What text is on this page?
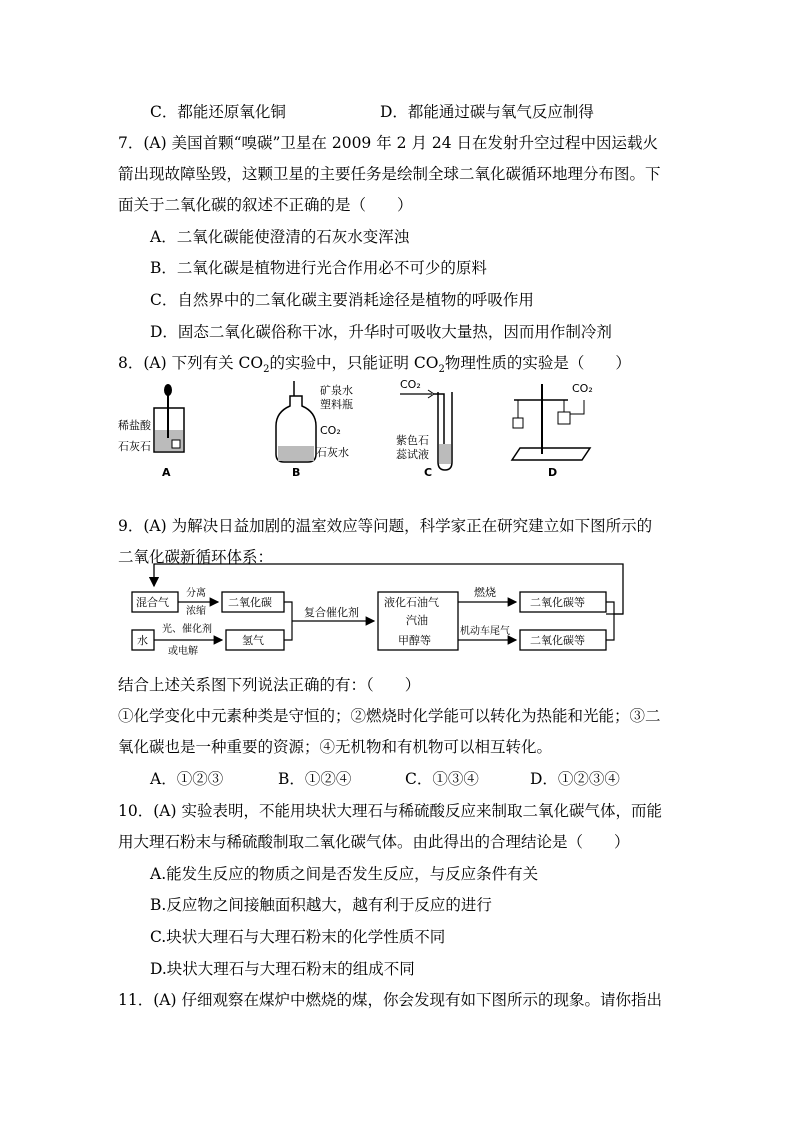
C．都能还原氧化铜	D．都能通过碳与氧气反应制得
7．(A) 美国首颗“嗅碳”卫星在 2009 年 2 月 24 日在发射升空过程中因运载火
箭出现故障坠毁，这颗卫星的主要任务是绘制全球二氧化碳循环地理分布图。下
面关于二氧化碳的叙述不正确的是（　　）
A．二氧化碳能使澄清的石灰水变浑浊
B．二氧化碳是植物进行光合作用必不可少的原料
C．自然界中的二氧化碳主要消耗途径是植物的呼吸作用
D．固态二氧化碳俗称干冰，升华时可吸收大量热，因而用作制冷剂
8．(A) 下列有关 $CO_2$的实验中，只能证明 $CO_2$物理性质的实验是（　　）
稀盐酸
石灰石
A
矿泉水
塑料瓶
CO₂
石灰水
B
CO₂
紫色石
蕊试液
C
CO₂
D
9．(A) 为解决日益加剧的温室效应等问题，科学家正在研究建立如下图所示的
二氧化碳新循环体系：
混合气
分离
浓缩
二氧化碳
水
光、催化剂
或电解
氢气
复合催化剂
液化石油气
汽油
甲醇等
燃烧
机动车尾气
二氧化碳等
二氧化碳等
结合上述关系图下列说法正确的有：（　　）
①化学变化中元素种类是守恒的；②燃烧时化学能可以转化为热能和光能；③二
氧化碳也是一种重要的资源；④无机物和有机物可以相互转化。
A．①②③	B．①②④	C．①③④	D．①②③④
10．(A) 实验表明，不能用块状大理石与稀硫酸反应来制取二氧化碳气体，而能
用大理石粉末与稀硫酸制取二氧化碳气体。由此得出的合理结论是（　　）
A.能发生反应的物质之间是否发生反应，与反应条件有关
B.反应物之间接触面积越大，越有利于反应的进行
C.块状大理石与大理石粉末的化学性质不同
D.块状大理石与大理石粉末的组成不同
11．(A) 仔细观察在煤炉中燃烧的煤，你会发现有如下图所示的现象。请你指出
